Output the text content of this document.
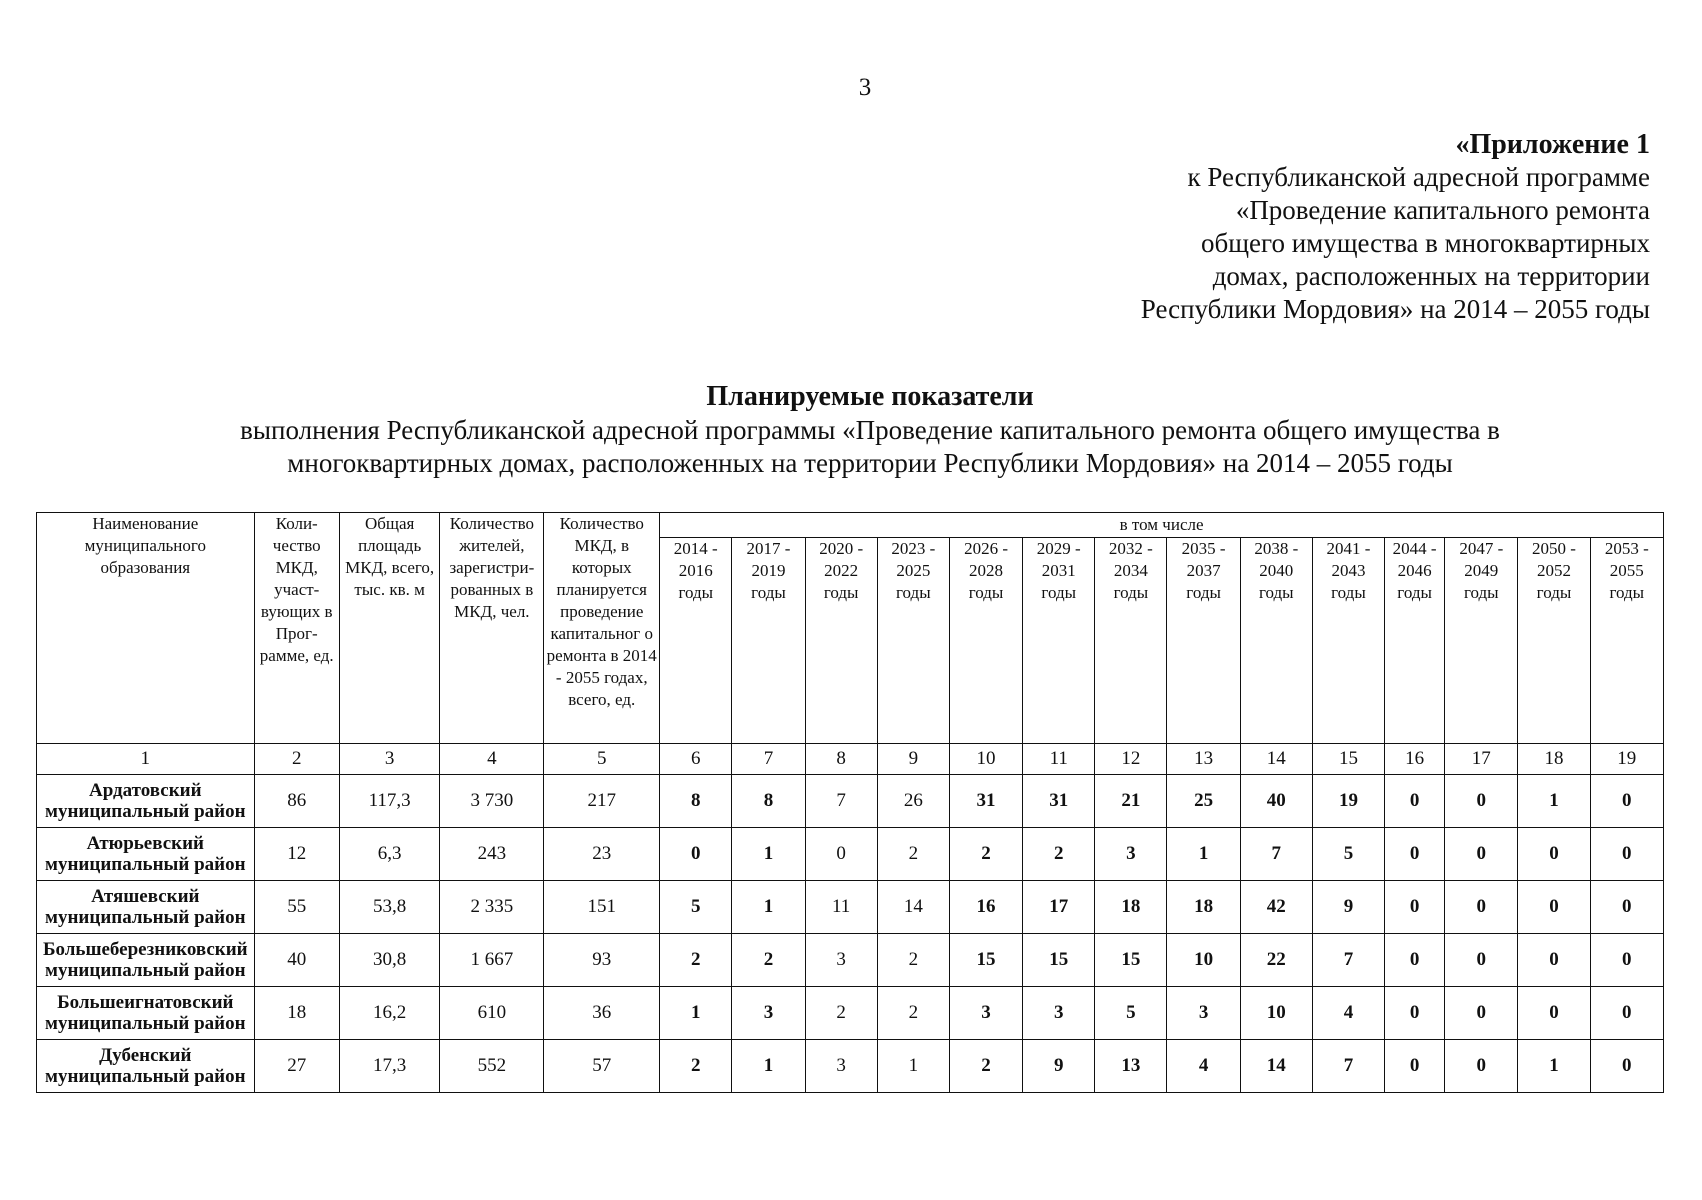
3
«Приложение 1
к Республиканской адресной программе
«Проведение капитального ремонта
общего имущества в многоквартирных
домах, расположенных на территории
Республики Мордовия» на 2014 – 2055 годы
Планируемые показатели
выполнения Республиканской адресной программы «Проведение капитального ремонта общего имущества в
многоквартирных домах, расположенных на территории Республики Мордовия» на 2014 – 2055 годы
Наименование муниципального образования	Коли- чество МКД, участ- вующих в Прог- рамме, ед.	Общая площадь МКД, всего, тыс. кв. м	Количество жителей, зарегистри- рованных в МКД, чел.	Количество МКД, в которых планируется проведение капитальног о ремонта в 2014 - 2055 годах, всего, ед.	в том числе													
					2014 - 2016 годы	2017 - 2019 годы	2020 - 2022 годы	2023 - 2025 годы	2026 - 2028 годы	2029 - 2031 годы	2032 - 2034 годы	2035 - 2037 годы	2038 - 2040 годы	2041 - 2043 годы	2044 - 2046 годы	2047 - 2049 годы	2050 - 2052 годы	2053 - 2055 годы
1	2	3	4	5	6	7	8	9	10	11	12	13	14	15	16	17	18	19

Ардатовский
муниципальный район	86	117,3	3 730	217	8	8	7	26	31	31	21	25	40	19	0	0	1	0

Атюрьевский
муниципальный район	12	6,3	243	23	0	1	0	2	2	2	3	1	7	5	0	0	0	0

Атяшевский
муниципальный район	55	53,8	2 335	151	5	1	11	14	16	17	18	18	42	9	0	0	0	0

Большеберезниковский
муниципальный район	40	30,8	1 667	93	2	2	3	2	15	15	15	10	22	7	0	0	0	0

Большеигнатовский
муниципальный район	18	16,2	610	36	1	3	2	2	3	3	5	3	10	4	0	0	0	0

Дубенский
муниципальный район	27	17,3	552	57	2	1	3	1	2	9	13	4	14	7	0	0	1	0
